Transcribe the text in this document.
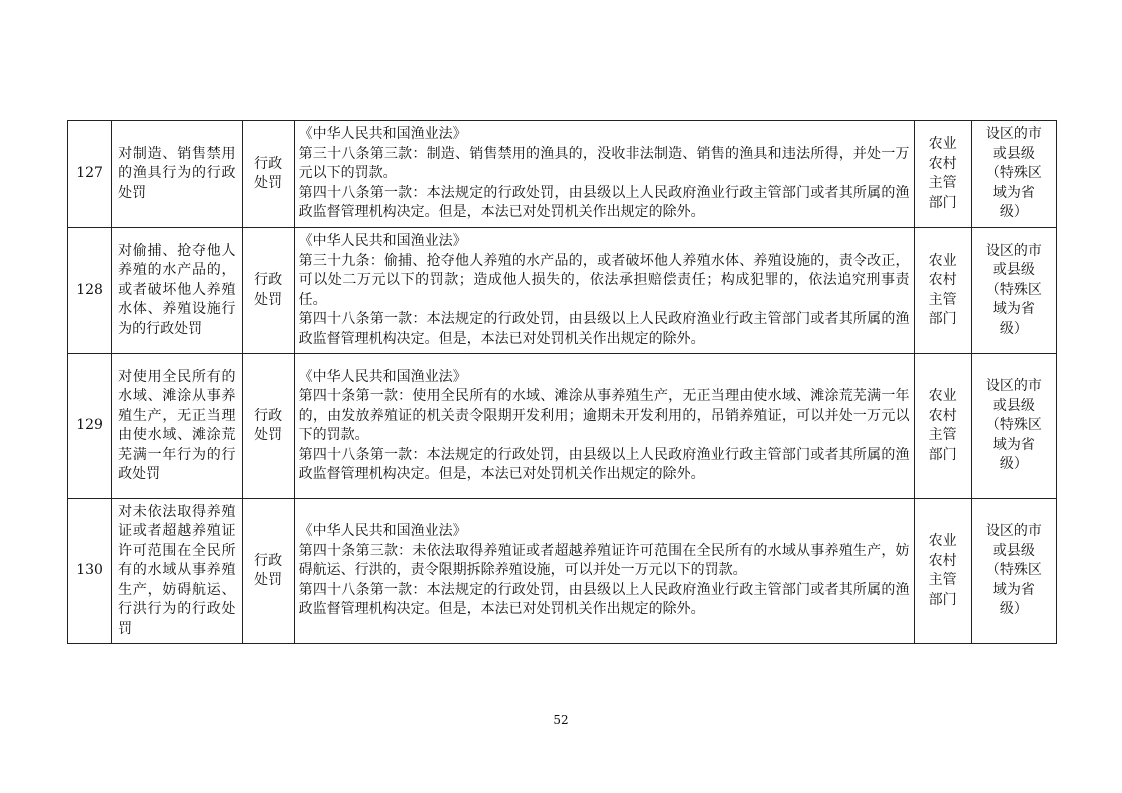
127	对制造、销售禁用的渔具行为的行政处罚	行政
处罚	《中华人民共和国渔业法》
第三十八条第三款：制造、销售禁用的渔具的，没收非法制造、销售的渔具和违法所得，并处一万元以下的罚款。
第四十八条第一款：本法规定的行政处罚，由县级以上人民政府渔业行政主管部门或者其所属的渔政监督管理机构决定。但是，本法已对处罚机关作出规定的除外。	农业
农村
主管
部门	设区的市
或县级
（特殊区
域为省
级）

128	对偷捕、抢夺他人养殖的水产品的，或者破坏他人养殖水体、养殖设施行为的行政处罚	行政
处罚	《中华人民共和国渔业法》
第三十九条：偷捕、抢夺他人养殖的水产品的，或者破坏他人养殖水体、养殖设施的，责令改正，可以处二万元以下的罚款；造成他人损失的，依法承担赔偿责任；构成犯罪的，依法追究刑事责任。
第四十八条第一款：本法规定的行政处罚，由县级以上人民政府渔业行政主管部门或者其所属的渔政监督管理机构决定。但是，本法已对处罚机关作出规定的除外。	农业
农村
主管
部门	设区的市
或县级
（特殊区
域为省
级）

129	对使用全民所有的水域、滩涂从事养殖生产，无正当理由使水域、滩涂荒芜满一年行为的行政处罚	行政
处罚	《中华人民共和国渔业法》
第四十条第一款：使用全民所有的水域、滩涂从事养殖生产，无正当理由使水域、滩涂荒芜满一年的，由发放养殖证的机关责令限期开发利用；逾期未开发利用的，吊销养殖证，可以并处一万元以下的罚款。
第四十八条第一款：本法规定的行政处罚，由县级以上人民政府渔业行政主管部门或者其所属的渔政监督管理机构决定。但是，本法已对处罚机关作出规定的除外。	农业
农村
主管
部门	设区的市
或县级
（特殊区
域为省
级）

130	对未依法取得养殖证或者超越养殖证许可范围在全民所有的水域从事养殖生产，妨碍航运、行洪行为的行政处罚	行政
处罚	《中华人民共和国渔业法》
第四十条第三款：未依法取得养殖证或者超越养殖证许可范围在全民所有的水域从事养殖生产，妨碍航运、行洪的，责令限期拆除养殖设施，可以并处一万元以下的罚款。
第四十八条第一款：本法规定的行政处罚，由县级以上人民政府渔业行政主管部门或者其所属的渔政监督管理机构决定。但是，本法已对处罚机关作出规定的除外。	农业
农村
主管
部门	设区的市
或县级
（特殊区
域为省
级）
52
